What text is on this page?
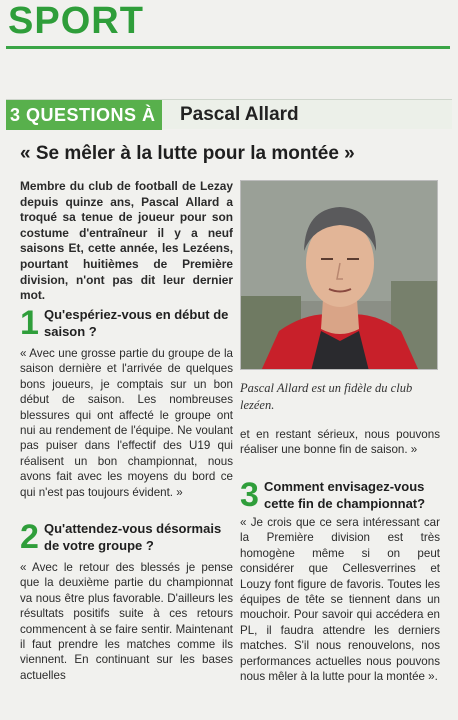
SPORT
3 QUESTIONS À	Pascal Allard
« Se mêler à la lutte pour la montée »
Membre du club de football de Lezay depuis quinze ans, Pascal Allard a troqué sa tenue de joueur pour son costume d'entraîneur il y a neuf saisons Et, cette année, les Lezéens, pourtant huitièmes de Première division, n'ont pas dit leur dernier mot.
Pascal Allard est un fidèle du club lezéen.
1 Qu'espériez-vous en début de saison ?
« Avec une grosse partie du groupe de la saison dernière et l'arrivée de quelques bons joueurs, je comptais sur un bon début de saison. Les nombreuses blessures qui ont affecté le groupe ont nui au rendement de l'équipe. Ne voulant pas puiser dans l'effectif des U19 qui réalisent un bon championnat, nous avons fait avec les moyens du bord ce qui n'est pas toujours évident. »
2 Qu'attendez-vous désormais de votre groupe ?
« Avec le retour des blessés je pense que la deuxième partie du championnat va nous être plus favorable. D'ailleurs les résultats positifs suite à ces retours commencent à se faire sentir. Maintenant il faut prendre les matches comme ils viennent. En continuant sur les bases actuelles
et en restant sérieux, nous pouvons réaliser une bonne fin de saison. »
3 Comment envisagez-vous cette fin de championnat?
« Je crois que ce sera intéressant car la Première division est très homogène même si on peut considérer que Cellesverrines et Louzy font figure de favoris. Toutes les équipes de tête se tiennent dans un mouchoir. Pour savoir qui accédera en PL, il faudra attendre les derniers matches. S'il nous renouvelons, nos performances actuelles nous pouvons nous mêler à la lutte pour la montée ».
